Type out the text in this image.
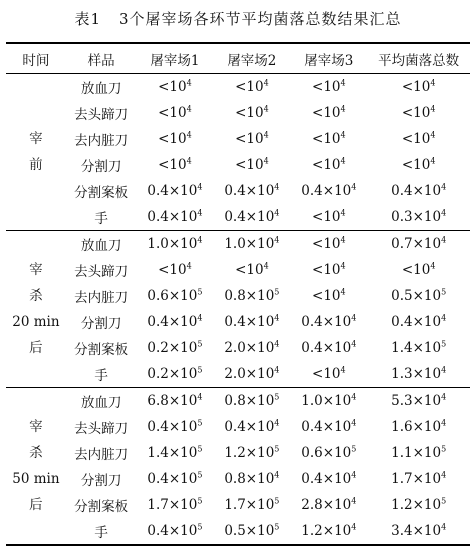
表1 3个屠宰场各环节平均菌落总数结果汇总
时间	样品	屠宰场1	屠宰场2	屠宰场3	平均菌落总数

宰
前	放血刀	$<10^4$	$<10^4$	$<10^4$	$<10^4$
	去头蹄刀	$<10^4$	$<10^4$	$<10^4$	$<10^4$
	去内脏刀	$<10^4$	$<10^4$	$<10^4$	$<10^4$
	分割刀	$<10^4$	$<10^4$	$<10^4$	$<10^4$
	分割案板	$0.4\times 10^4$	$0.4\times 10^4$	$0.4\times 10^4$	$0.4\times 10^4$
	手	$0.4\times 10^4$	$0.4\times 10^4$	$<10^4$	$0.3\times 10^4$

宰
杀
20 min
后	放血刀	$1.0\times 10^4$	$1.0\times 10^4$	$<10^4$	$0.7\times 10^4$
	去头蹄刀	$<10^4$	$<10^4$	$<10^4$	$<10^4$
	去内脏刀	$0.6\times 10^5$	$0.8\times 10^5$	$<10^4$	$0.5\times 10^5$
	分割刀	$0.4\times 10^4$	$0.4\times 10^4$	$0.4\times 10^4$	$0.4\times 10^4$
	分割案板	$0.2\times 10^5$	$2.0\times 10^4$	$0.4\times 10^4$	$1.4\times 10^5$
	手	$0.2\times 10^5$	$2.0\times 10^4$	$<10^4$	$1.3\times 10^4$

宰
杀
50 min
后	放血刀	$6.8\times 10^4$	$0.8\times 10^5$	$1.0\times 10^4$	$5.3\times 10^4$
	去头蹄刀	$0.4\times 10^5$	$0.4\times 10^4$	$0.4\times 10^4$	$1.6\times 10^4$
	去内脏刀	$1.4\times 10^5$	$1.2\times 10^5$	$0.6\times 10^5$	$1.1\times 10^5$
	分割刀	$0.4\times 10^5$	$0.8\times 10^4$	$0.4\times 10^4$	$1.7\times 10^4$
	分割案板	$1.7\times 10^5$	$1.7\times 10^5$	$2.8\times 10^4$	$1.2\times 10^5$
	手	$0.4\times 10^5$	$0.5\times 10^5$	$1.2\times 10^4$	$3.4\times 10^4$
